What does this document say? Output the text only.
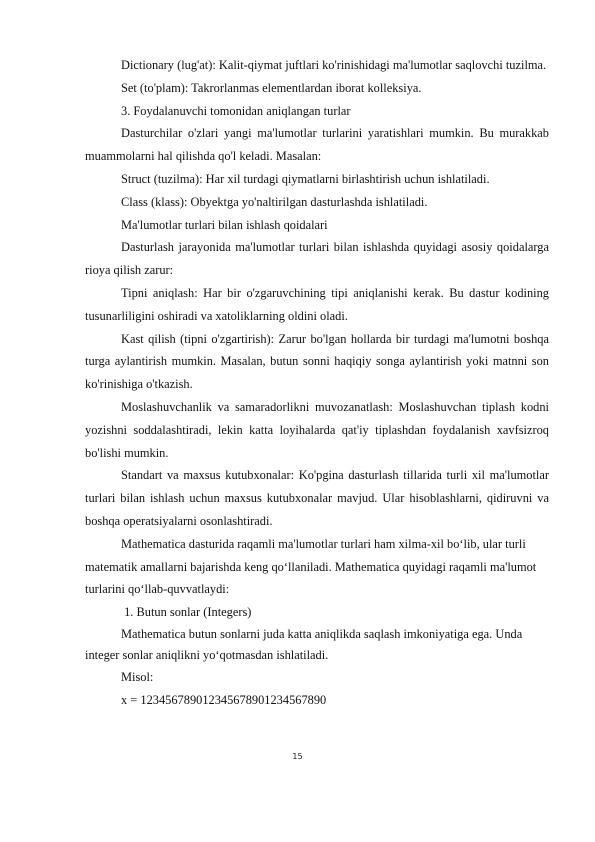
Dictionary (lug'at): Kalit-qiymat juftlari ko'rinishidagi ma'lumotlar saqlovchi tuzilma.

Set (to'plam): Takrorlanmas elementlardan iborat kolleksiya.

3. Foydalanuvchi tomonidan aniqlangan turlar

Dasturchilar o'zlari yangi ma'lumotlar turlarini yaratishlari mumkin. Bu murakkab muammolarni hal qilishda qo'l keladi. Masalan:

Struct (tuzilma): Har xil turdagi qiymatlarni birlashtirish uchun ishlatiladi.

Class (klass): Obyektga yo'naltirilgan dasturlashda ishlatiladi.

Ma'lumotlar turlari bilan ishlash qoidalari

Dasturlash jarayonida ma'lumotlar turlari bilan ishlashda quyidagi asosiy qoidalarga rioya qilish zarur:

Tipni aniqlash: Har bir o'zgaruvchining tipi aniqlanishi kerak. Bu dastur kodining tusunarliligini oshiradi va xatoliklarning oldini oladi.

Kast qilish (tipni o'zgartirish): Zarur bo'lgan hollarda bir turdagi ma'lumotni boshqa turga aylantirish mumkin. Masalan, butun sonni haqiqiy songa aylantirish yoki matnni son ko'rinishiga o'tkazish.

Moslashuvchanlik va samaradorlikni muvozanatlash: Moslashuvchan tiplash kodni yozishni soddalashtiradi, lekin katta loyihalarda qat'iy tiplashdan foydalanish xavfsizroq bo'lishi mumkin.

Standart va maxsus kutubxonalar: Ko'pgina dasturlash tillarida turli xil ma'lumotlar turlari bilan ishlash uchun maxsus kutubxonalar mavjud. Ular hisoblashlarni, qidiruvni va boshqa operatsiyalarni osonlashtiradi.

Mathematica dasturida raqamli ma'lumotlar turlari ham xilma-xil bo‘lib, ular turli matematik amallarni bajarishda keng qo‘llaniladi. Mathematica quyidagi raqamli ma'lumot turlarini qo‘llab-quvvatlaydi:

1. Butun sonlar (Integers)

Mathematica butun sonlarni juda katta aniqlikda saqlash imkoniyatiga ega. Unda integer sonlar aniqlikni yo‘qotmasdan ishlatiladi.

Misol:

x = 123456789012345678901234567890

15
